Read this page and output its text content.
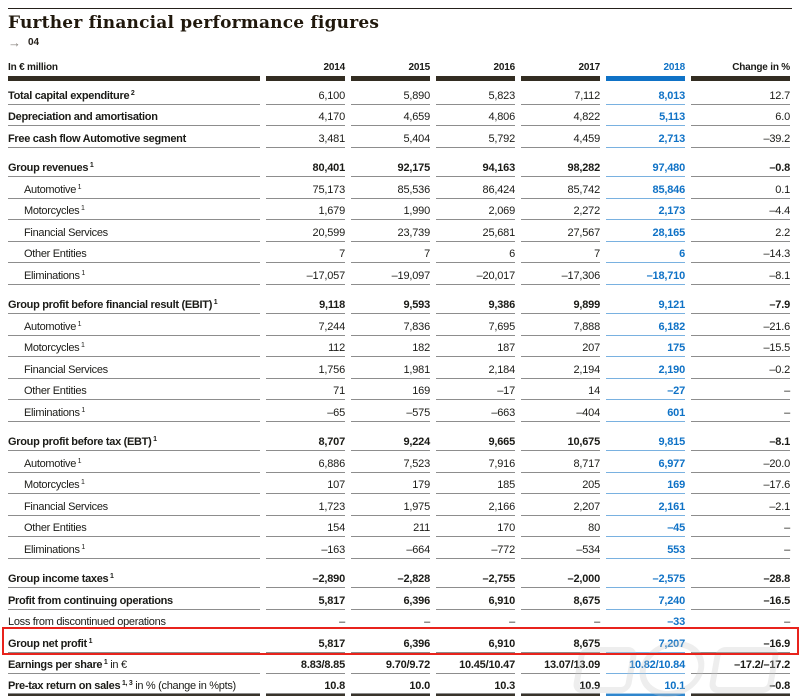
Further financial performance figures
→ 04
In € million	2014	2015	2016	2017	2018	Change in %
Total capital expenditure $^2$	6,100	5,890	5,823	7,112	8,013	12.7
Depreciation and amortisation	4,170	4,659	4,806	4,822	5,113	6.0
Free cash flow Automotive segment	3,481	5,404	5,792	4,459	2,713	–39.2
Group revenues $^1$	80,401	92,175	94,163	98,282	97,480	–0.8
Automotive $^1$	75,173	85,536	86,424	85,742	85,846	0.1
Motorcycles $^1$	1,679	1,990	2,069	2,272	2,173	–4.4
Financial Services	20,599	23,739	25,681	27,567	28,165	2.2
Other Entities	7	7	6	7	6	–14.3
Eliminations $^1$	–17,057	–19,097	–20,017	–17,306	–18,710	–8.1
Group profit before financial result (EBIT) $^1$	9,118	9,593	9,386	9,899	9,121	–7.9
Automotive $^1$	7,244	7,836	7,695	7,888	6,182	–21.6
Motorcycles $^1$	112	182	187	207	175	–15.5
Financial Services	1,756	1,981	2,184	2,194	2,190	–0.2
Other Entities	71	169	–17	14	–27	–
Eliminations $^1$	–65	–575	–663	–404	601	–
Group profit before tax (EBT) $^1$	8,707	9,224	9,665	10,675	9,815	–8.1
Automotive $^1$	6,886	7,523	7,916	8,717	6,977	–20.0
Motorcycles $^1$	107	179	185	205	169	–17.6
Financial Services	1,723	1,975	2,166	2,207	2,161	–2.1
Other Entities	154	211	170	80	–45	–
Eliminations $^1$	–163	–664	–772	–534	553	–
Group income taxes $^1$	–2,890	–2,828	–2,755	–2,000	–2,575	–28.8
Profit from continuing operations	5,817	6,396	6,910	8,675	7,240	–16.5
Loss from discontinued operations	–	–	–	–	–33	–
Group net profit $^1$	5,817	6,396	6,910	8,675	7,207	–16.9
Earnings per share $^1$ in €	8.83/8.85	9.70/9.72	10.45/10.47	13.07/13.09	10.82/10.84	–17.2/–17.2
Pre-tax return on sales $^{1, 3}$ in % (change in %pts)	10.8	10.0	10.3	10.9	10.1	–0.8
